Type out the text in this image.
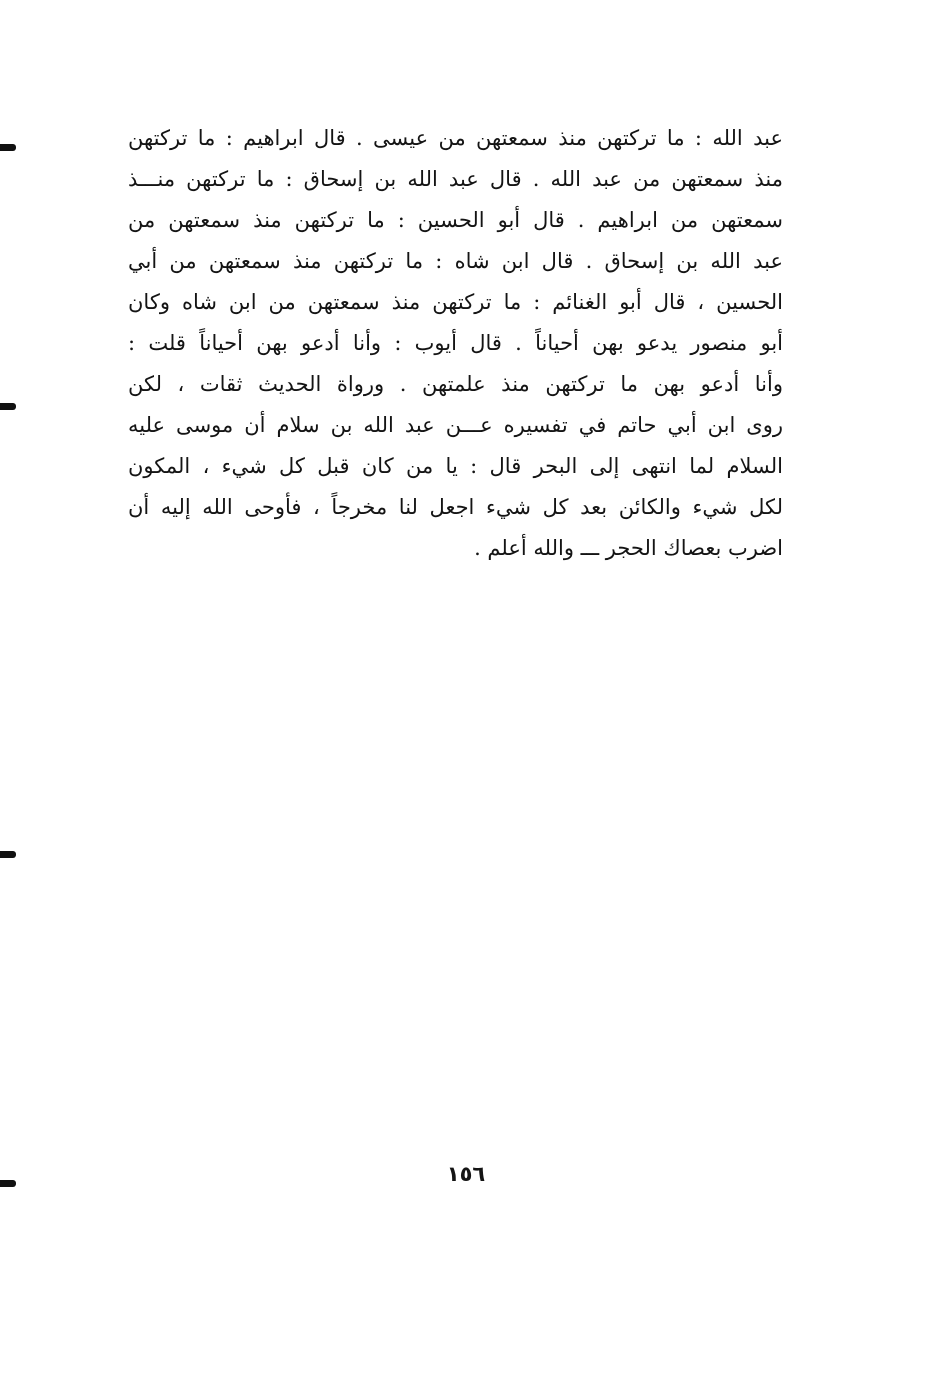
عبد الله : ما تركتهن منذ سمعتهن من عيسى . قال ابراهيم : ما تركتهن
منذ سمعتهن من عبد الله . قال عبد الله بن إسحاق : ما تركتهن منـــذ
سمعتهن من ابراهيم . قال أبو الحسين : ما تركتهن منذ سمعتهن من
عبد الله بن إسحاق . قال ابن شاه : ما تركتهن منذ سمعتهن من أبي
الحسين ، قال أبو الغنائم : ما تركتهن منذ سمعتهن من ابن شاه وكان
أبو منصور يدعو بهن أحياناً . قال أيوب : وأنا أدعو بهن أحياناً قلت :
وأنا أدعو بهن ما تركتهن منذ علمتهن . ورواة الحديث ثقات ، لكن
روى ابن أبي حاتم في تفسيره عـــن عبد الله بن سلام أن موسى عليه
السلام لما انتهى إلى البحر قال : يا من كان قبل كل شيء ، المكون
لكل شيء والكائن بعد كل شيء اجعل لنا مخرجاً ، فأوحى الله إليه أن
اضرب بعصاك الحجر ـــ والله أعلم .
١٥٦
